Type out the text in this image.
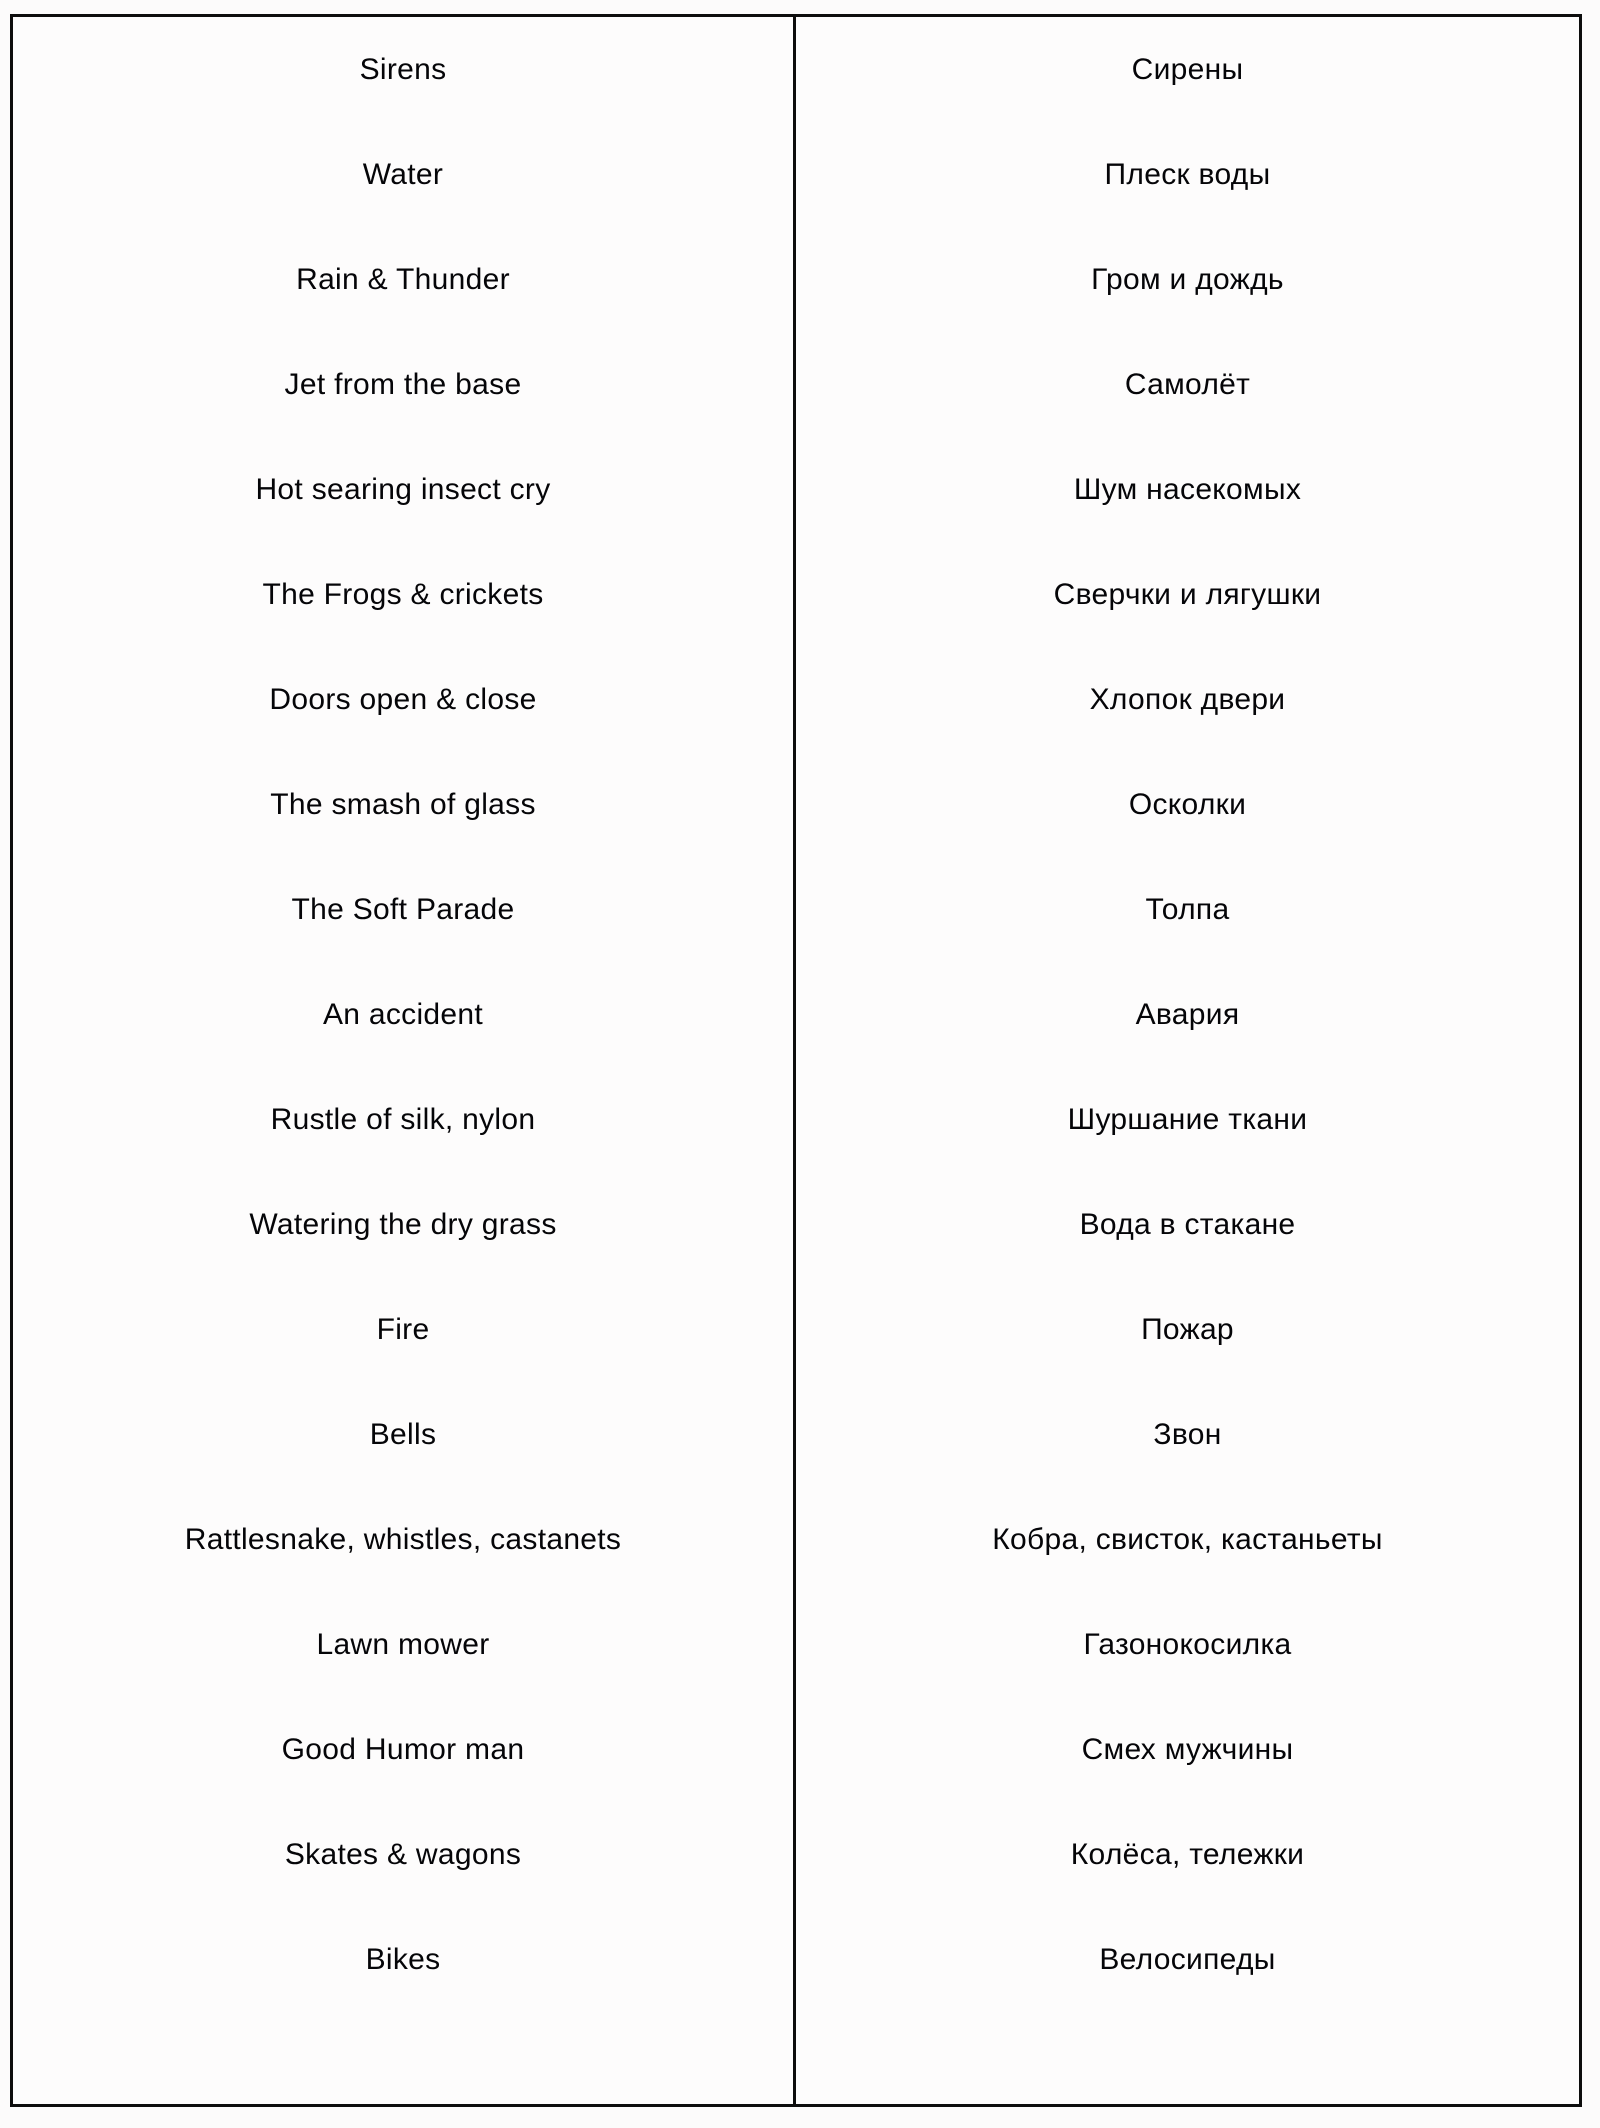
Sirens
Water
Rain & Thunder
Jet from the base
Hot searing insect cry
The Frogs & crickets
Doors open & close
The smash of glass
The Soft Parade
An accident
Rustle of silk, nylon
Watering the dry grass
Fire
Bells
Rattlesnake, whistles, castanets
Lawn mower
Good Humor man
Skates & wagons
Bikes
Сирены
Плеск воды
Гром и дождь
Самолёт
Шум насекомых
Сверчки и лягушки
Хлопок двери
Осколки
Толпа
Авария
Шуршание ткани
Вода в стакане
Пожар
Звон
Кобра, свисток, кастаньеты
Газонокосилка
Смех мужчины
Колёса, тележки
Велосипеды
